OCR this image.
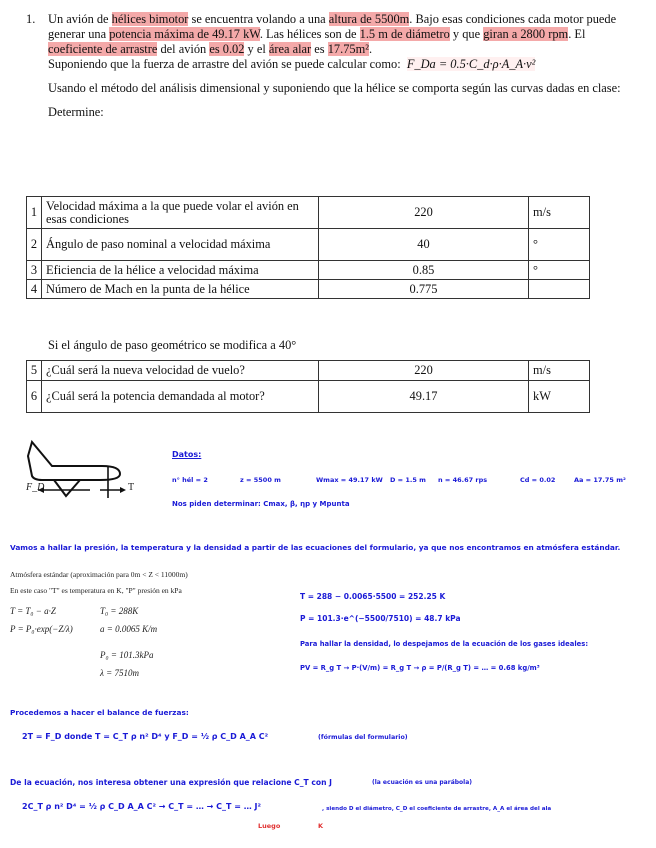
1. Un avión de hélices bimotor se encuentra volando a una altura de 5500m. Bajo esas condiciones cada motor puede generar una potencia máxima de 49.17 kW. Las hélices son de 1.5 m de diámetro y que giran a 2800 rpm. El coeficiente de arrastre del avión es 0.02 y el área alar es 17.75m².

Suponiendo que la fuerza de arrastre del avión se puede calcular como: F_Da = 0.5·C_d·ρ·A_A·v²

Usando el método del análisis dimensional y suponiendo que la hélice se comporta según las curvas dadas en clase:

Determine:

1	Velocidad máxima a la que puede volar el avión en esas condiciones	220	m/s
2	Ángulo de paso nominal a velocidad máxima	40	°
3	Eficiencia de la hélice a velocidad máxima	0.85	°
4	Número de Mach en la punta de la hélice	0.775	
Si el ángulo de paso geométrico se modifica a 40°
5	¿Cuál será la nueva velocidad de vuelo?	220	m/s
6	¿Cuál será la potencia demandada al motor?	49.17	kW
F_D	T
Datos:
n° hél = 2	z = 5500 m	Wmax = 49.17 kW D = 1.5 m n = 46.67 rps	Cd = 0.02	Aa = 17.75 m²
Nos piden determinar: Cmax, β, ηp y Mpunta
Vamos a hallar la presión, la temperatura y la densidad a partir de las ecuaciones del formulario, ya que nos encontramos en atmósfera estándar.
Atmósfera estándar (aproximación para 0m < Z < 11000m)
En este caso "T" es temperatura en K, "P" presión en kPa
T = T₀ − a·Z
P = P₀·exp(−Z/λ)
T₀ = 288K
a = 0.0065 K/m
P₀ = 101.3kPa
λ = 7510m
T = 288 − 0.0065·5500 = 252.25 K
P = 101.3·e^(−5500/7510) = 48.7 kPa
Para hallar la densidad, lo despejamos de la ecuación de los gases ideales:
PV = R_g T → P·(V/m) = R_g T → ρ = P/(R_g T) = … = 0.68 kg/m³
Procedemos a hacer el balance de fuerzas:
2T = F_D donde T = C_T ρ n² D⁴ y F_D = ½ ρ C_D A_A C²	(fórmulas del formulario)
De la ecuación, nos interesa obtener una expresión que relacione C_T con J	(la ecuación es una parábola)
2C_T ρ n² D⁴ = ½ ρ C_D A_A C² → C_T = … → C_T = … J²	, siendo D el diámetro, C_D el coeficiente de arrastre, A_A el área del ala
Luego	K
